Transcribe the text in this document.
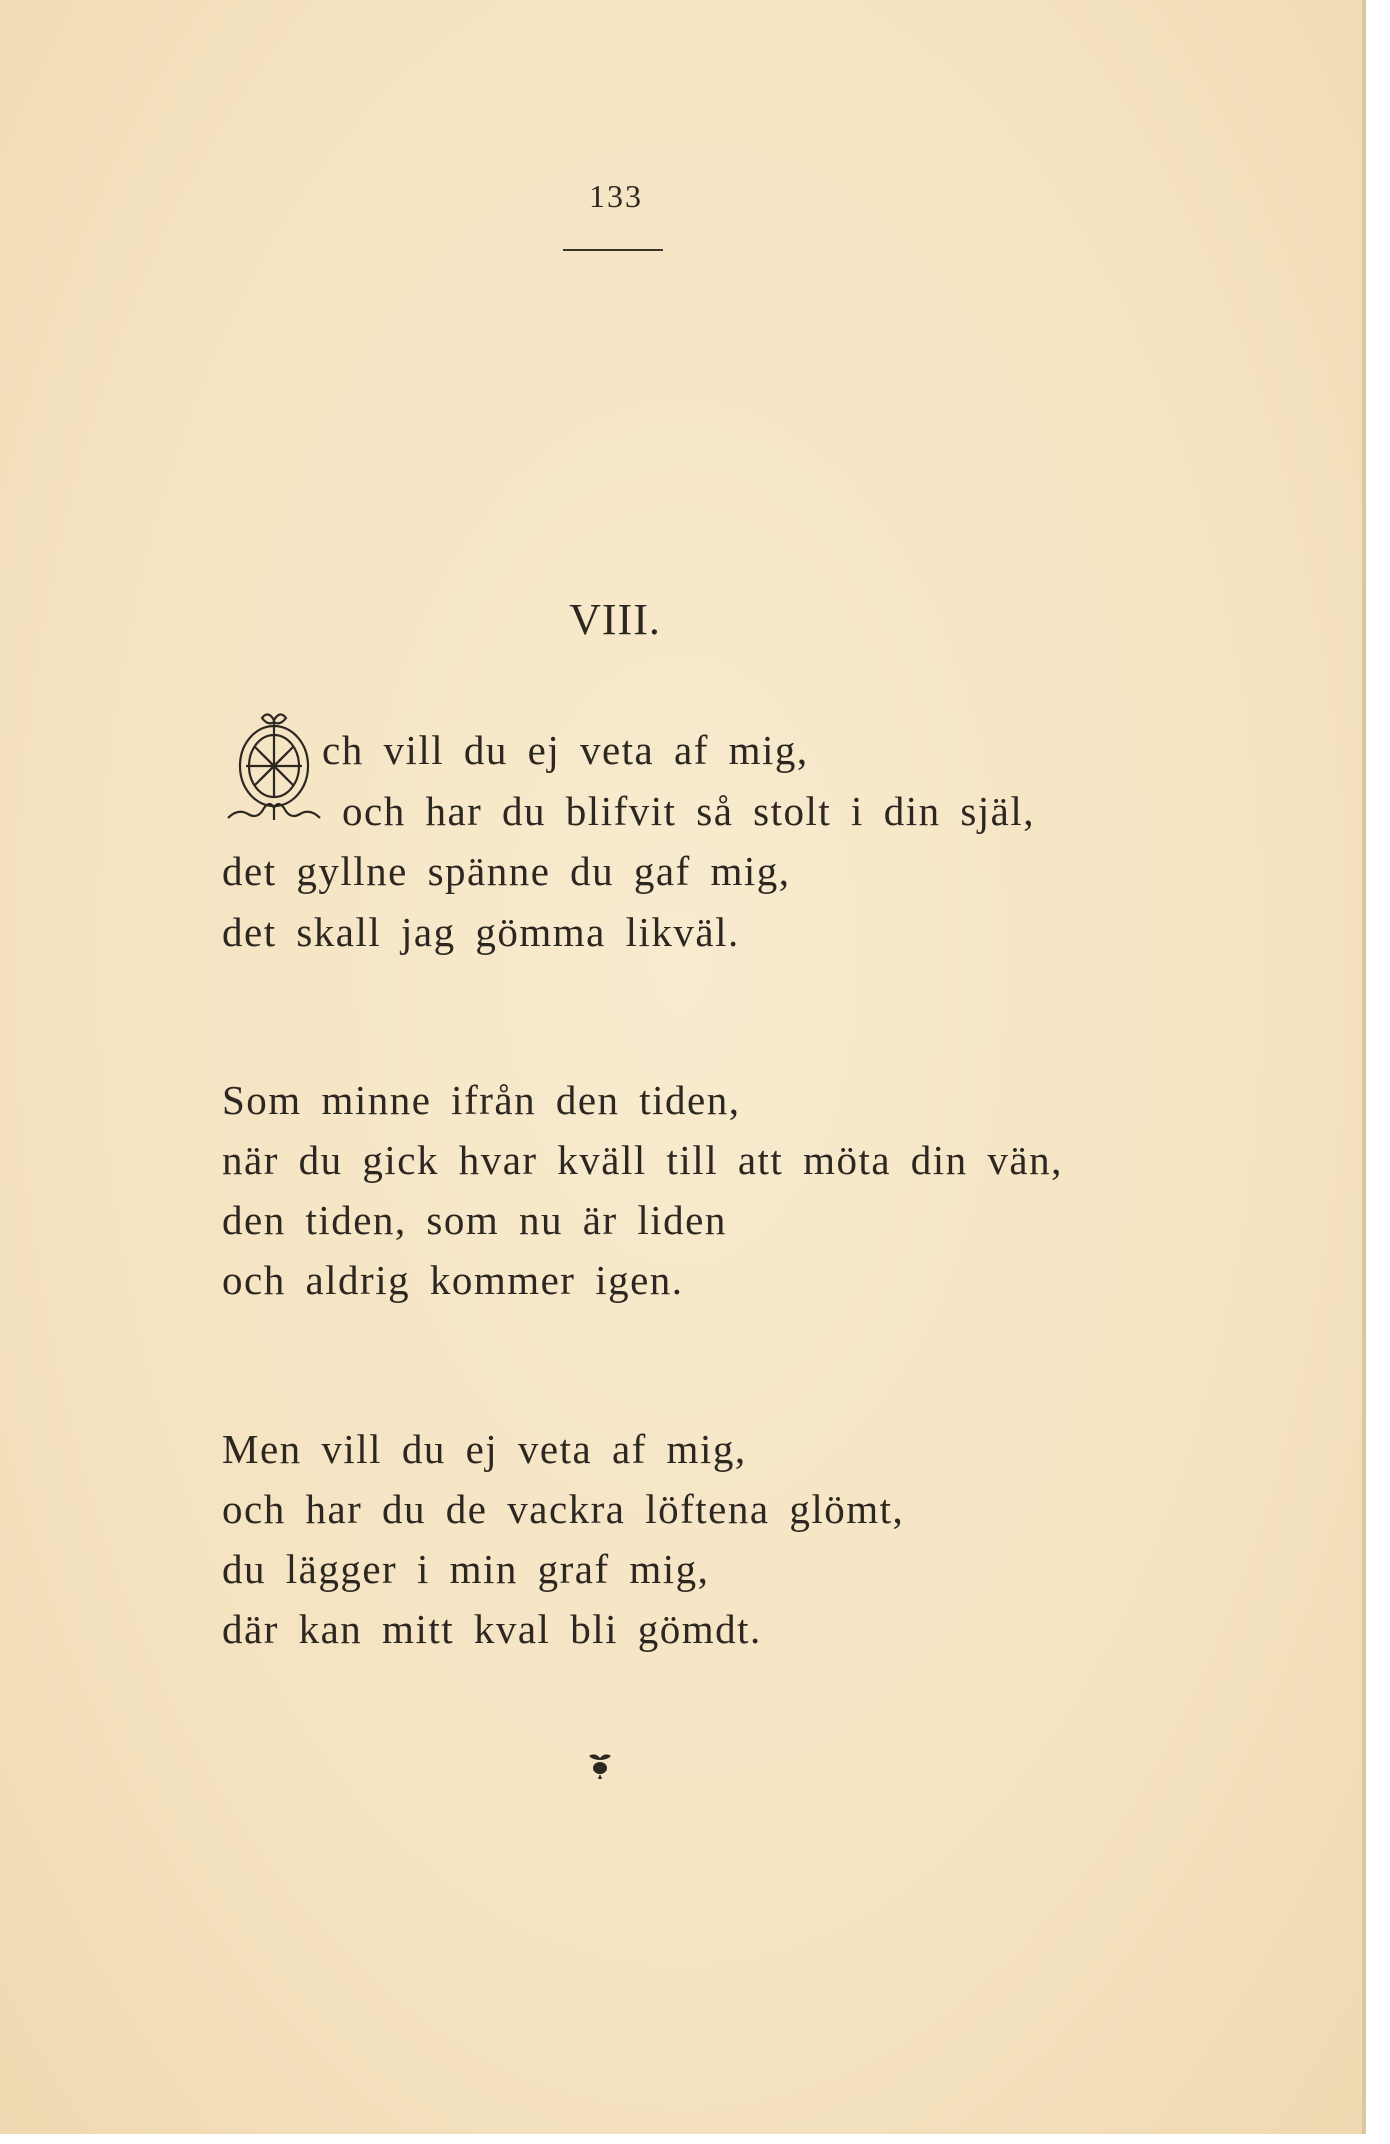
133
VIII.
ch vill du ej veta af mig,
och har du blifvit så stolt i din själ,
det gyllne spänne du gaf mig,
det skall jag gömma likväl.
Som minne ifrån den tiden,
när du gick hvar kväll till att möta din vän,
den tiden, som nu är liden
och aldrig kommer igen.
Men vill du ej veta af mig,
och har du de vackra löftena glömt,
du lägger i min graf mig,
där kan mitt kval bli gömdt.
